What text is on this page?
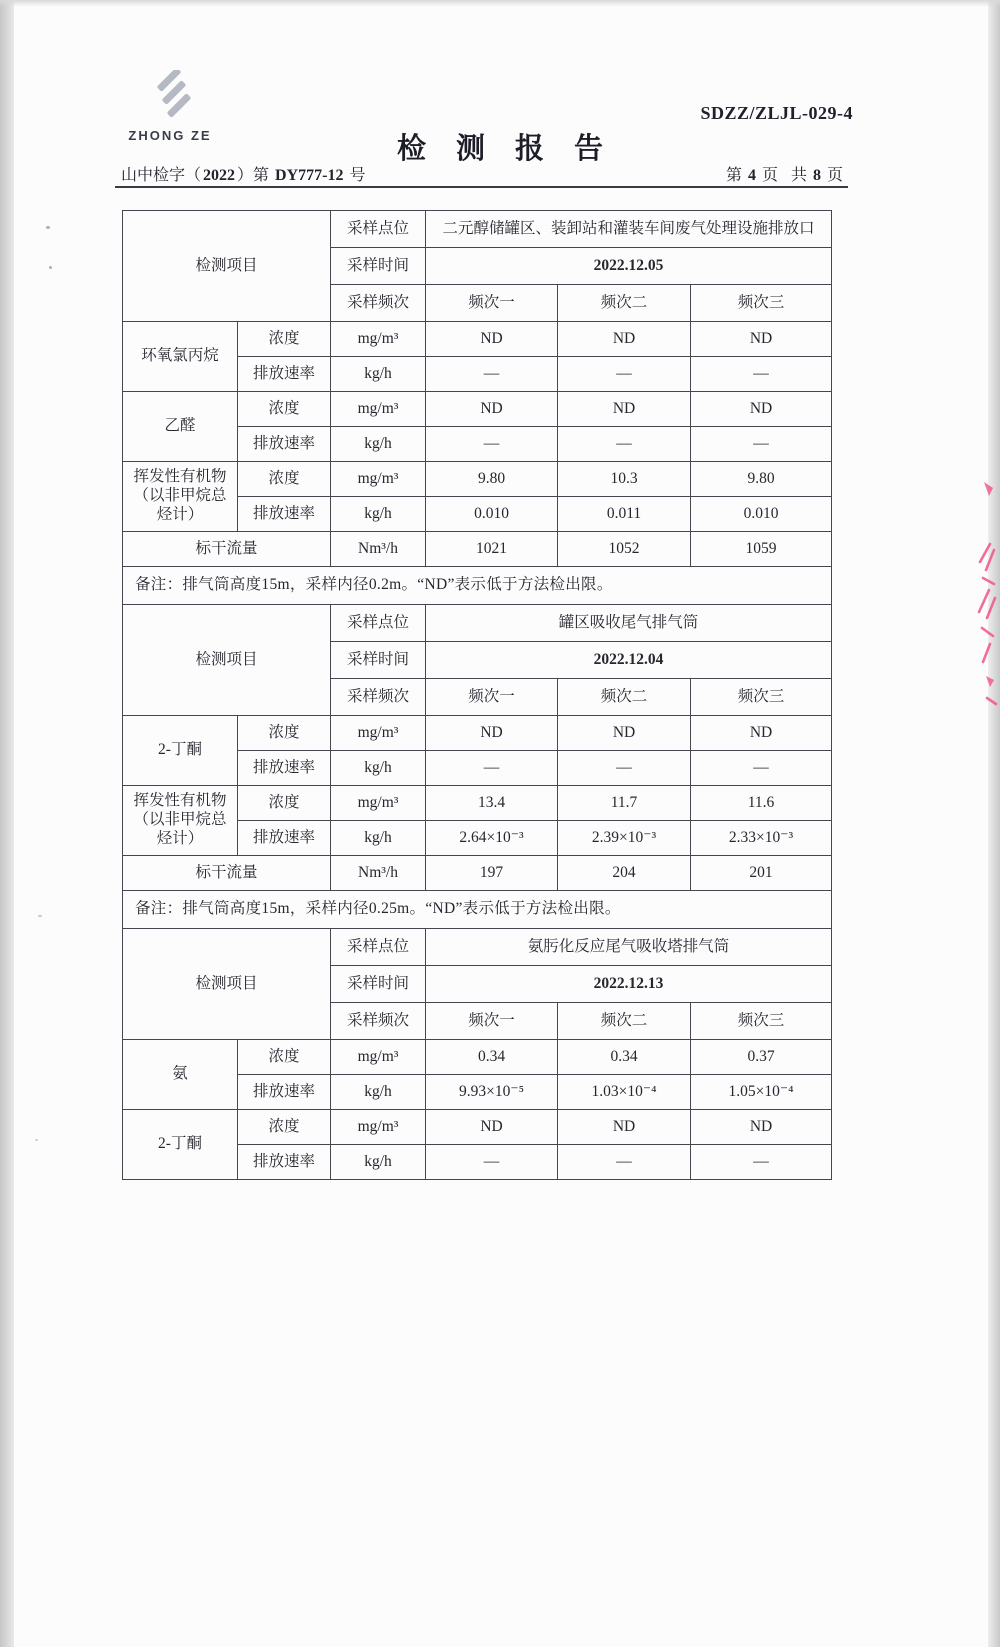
ZHONG ZE
SDZZ/ZLJL-029-4
检测报告
山中检字（ 2022 ）第 DY777-12 号	第 4 页 共 8 页
检测项目		采样点位	二元醇储罐区、装卸站和灌装车间废气处理设施排放口		
		采样时间	2022.12.05		
		采样频次	频次一	频次二	频次三
环氧氯丙烷	浓度	mg/m³	ND	ND	ND
	排放速率	kg/h	—	—	—
乙醛	浓度	mg/m³	ND	ND	ND
	排放速率	kg/h	—	—	—
挥发性有机物（以非甲烷总烃计）	浓度	mg/m³	9.80	10.3	9.80
	排放速率	kg/h	0.010	0.011	0.010
标干流量		Nm³/h	1021	1052	1059
备注：排气筒高度15m，采样内径0.2m。“ND”表示低于方法检出限。					
检测项目		采样点位	罐区吸收尾气排气筒		
		采样时间	2022.12.04		
		采样频次	频次一	频次二	频次三
2-丁酮	浓度	mg/m³	ND	ND	ND
	排放速率	kg/h	—	—	—
挥发性有机物（以非甲烷总烃计）	浓度	mg/m³	13.4	11.7	11.6
	排放速率	kg/h	2.64×10⁻³	2.39×10⁻³	2.33×10⁻³
标干流量		Nm³/h	197	204	201
备注：排气筒高度15m，采样内径0.25m。“ND”表示低于方法检出限。					
检测项目		采样点位	氨肟化反应尾气吸收塔排气筒		
		采样时间	2022.12.13		
		采样频次	频次一	频次二	频次三
氨	浓度	mg/m³	0.34	0.34	0.37
	排放速率	kg/h	9.93×10⁻⁵	1.03×10⁻⁴	1.05×10⁻⁴
2-丁酮	浓度	mg/m³	ND	ND	ND
	排放速率	kg/h	—	—	—
